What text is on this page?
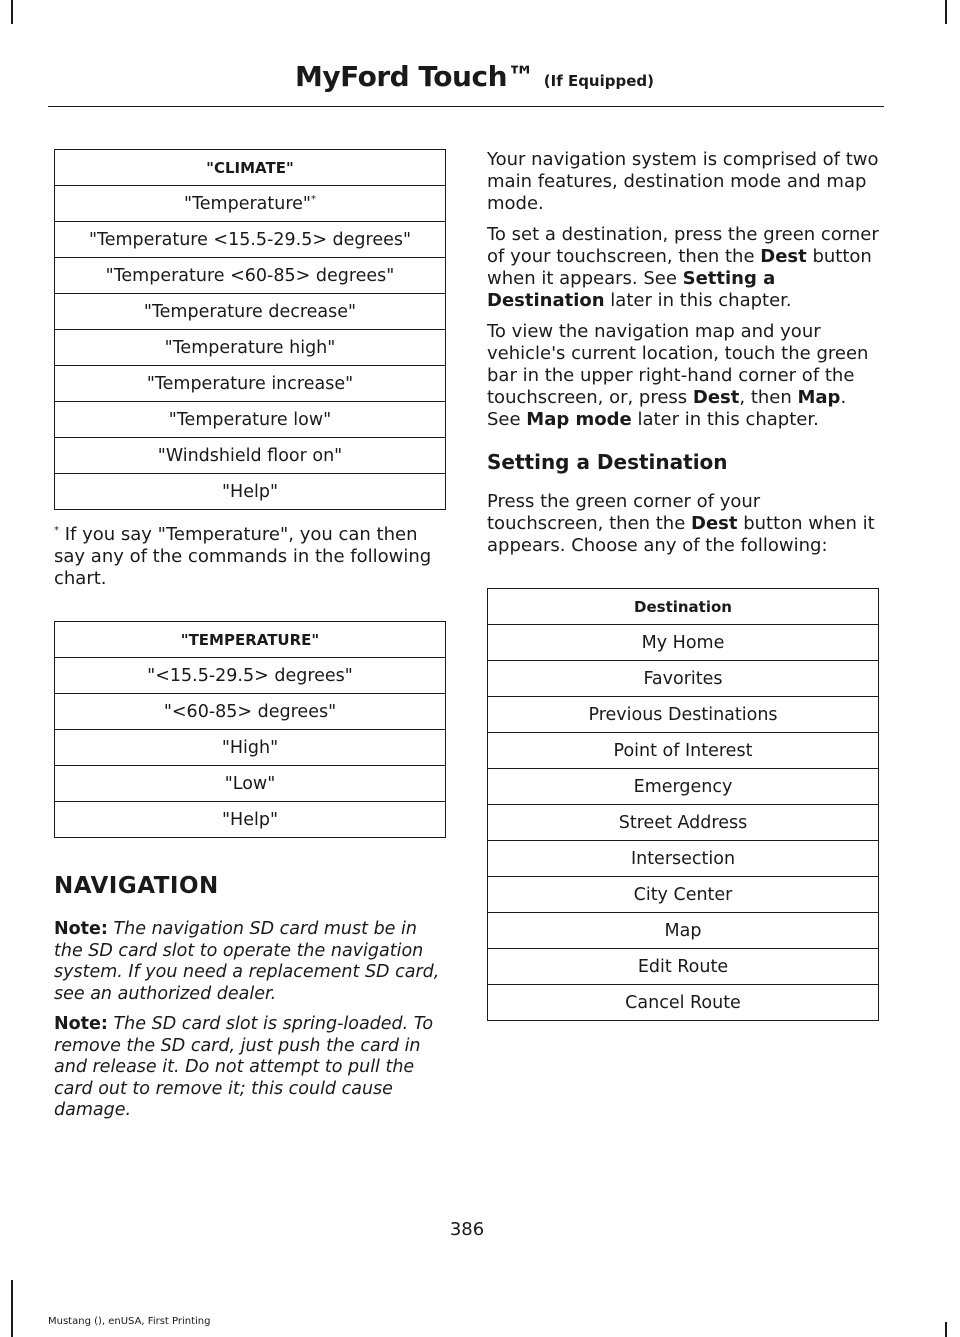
MyFord Touch™ (If Equipped)
"CLIMATE"
"Temperature"*
"Temperature <15.5-29.5> degrees"
"Temperature <60-85> degrees"
"Temperature decrease"
"Temperature high"
"Temperature increase"
"Temperature low"
"Windshield floor on"
"Help"

* If you say "Temperature", you can then say any of the commands in the following chart.

"TEMPERATURE"
"<15.5-29.5> degrees"
"<60-85> degrees"
"High"
"Low"
"Help"
NAVIGATION

Note: The navigation SD card must be in the SD card slot to operate the navigation system. If you need a replacement SD card, see an authorized dealer.

Note: The SD card slot is spring-loaded. To remove the SD card, just push the card in and release it. Do not attempt to pull the card out to remove it; this could cause damage.

Your navigation system is comprised of two main features, destination mode and map mode.

To set a destination, press the green corner of your touchscreen, then the Dest button when it appears. See Setting a Destination later in this chapter.

To view the navigation map and your vehicle's current location, touch the green bar in the upper right-hand corner of the touchscreen, or, press Dest, then Map. See Map mode later in this chapter.

Setting a Destination

Press the green corner of your touchscreen, then the Dest button when it appears. Choose any of the following:

Destination
My Home
Favorites
Previous Destinations
Point of Interest
Emergency
Street Address
Intersection
City Center
Map
Edit Route
Cancel Route
386
Mustang (), enUSA, First Printing
